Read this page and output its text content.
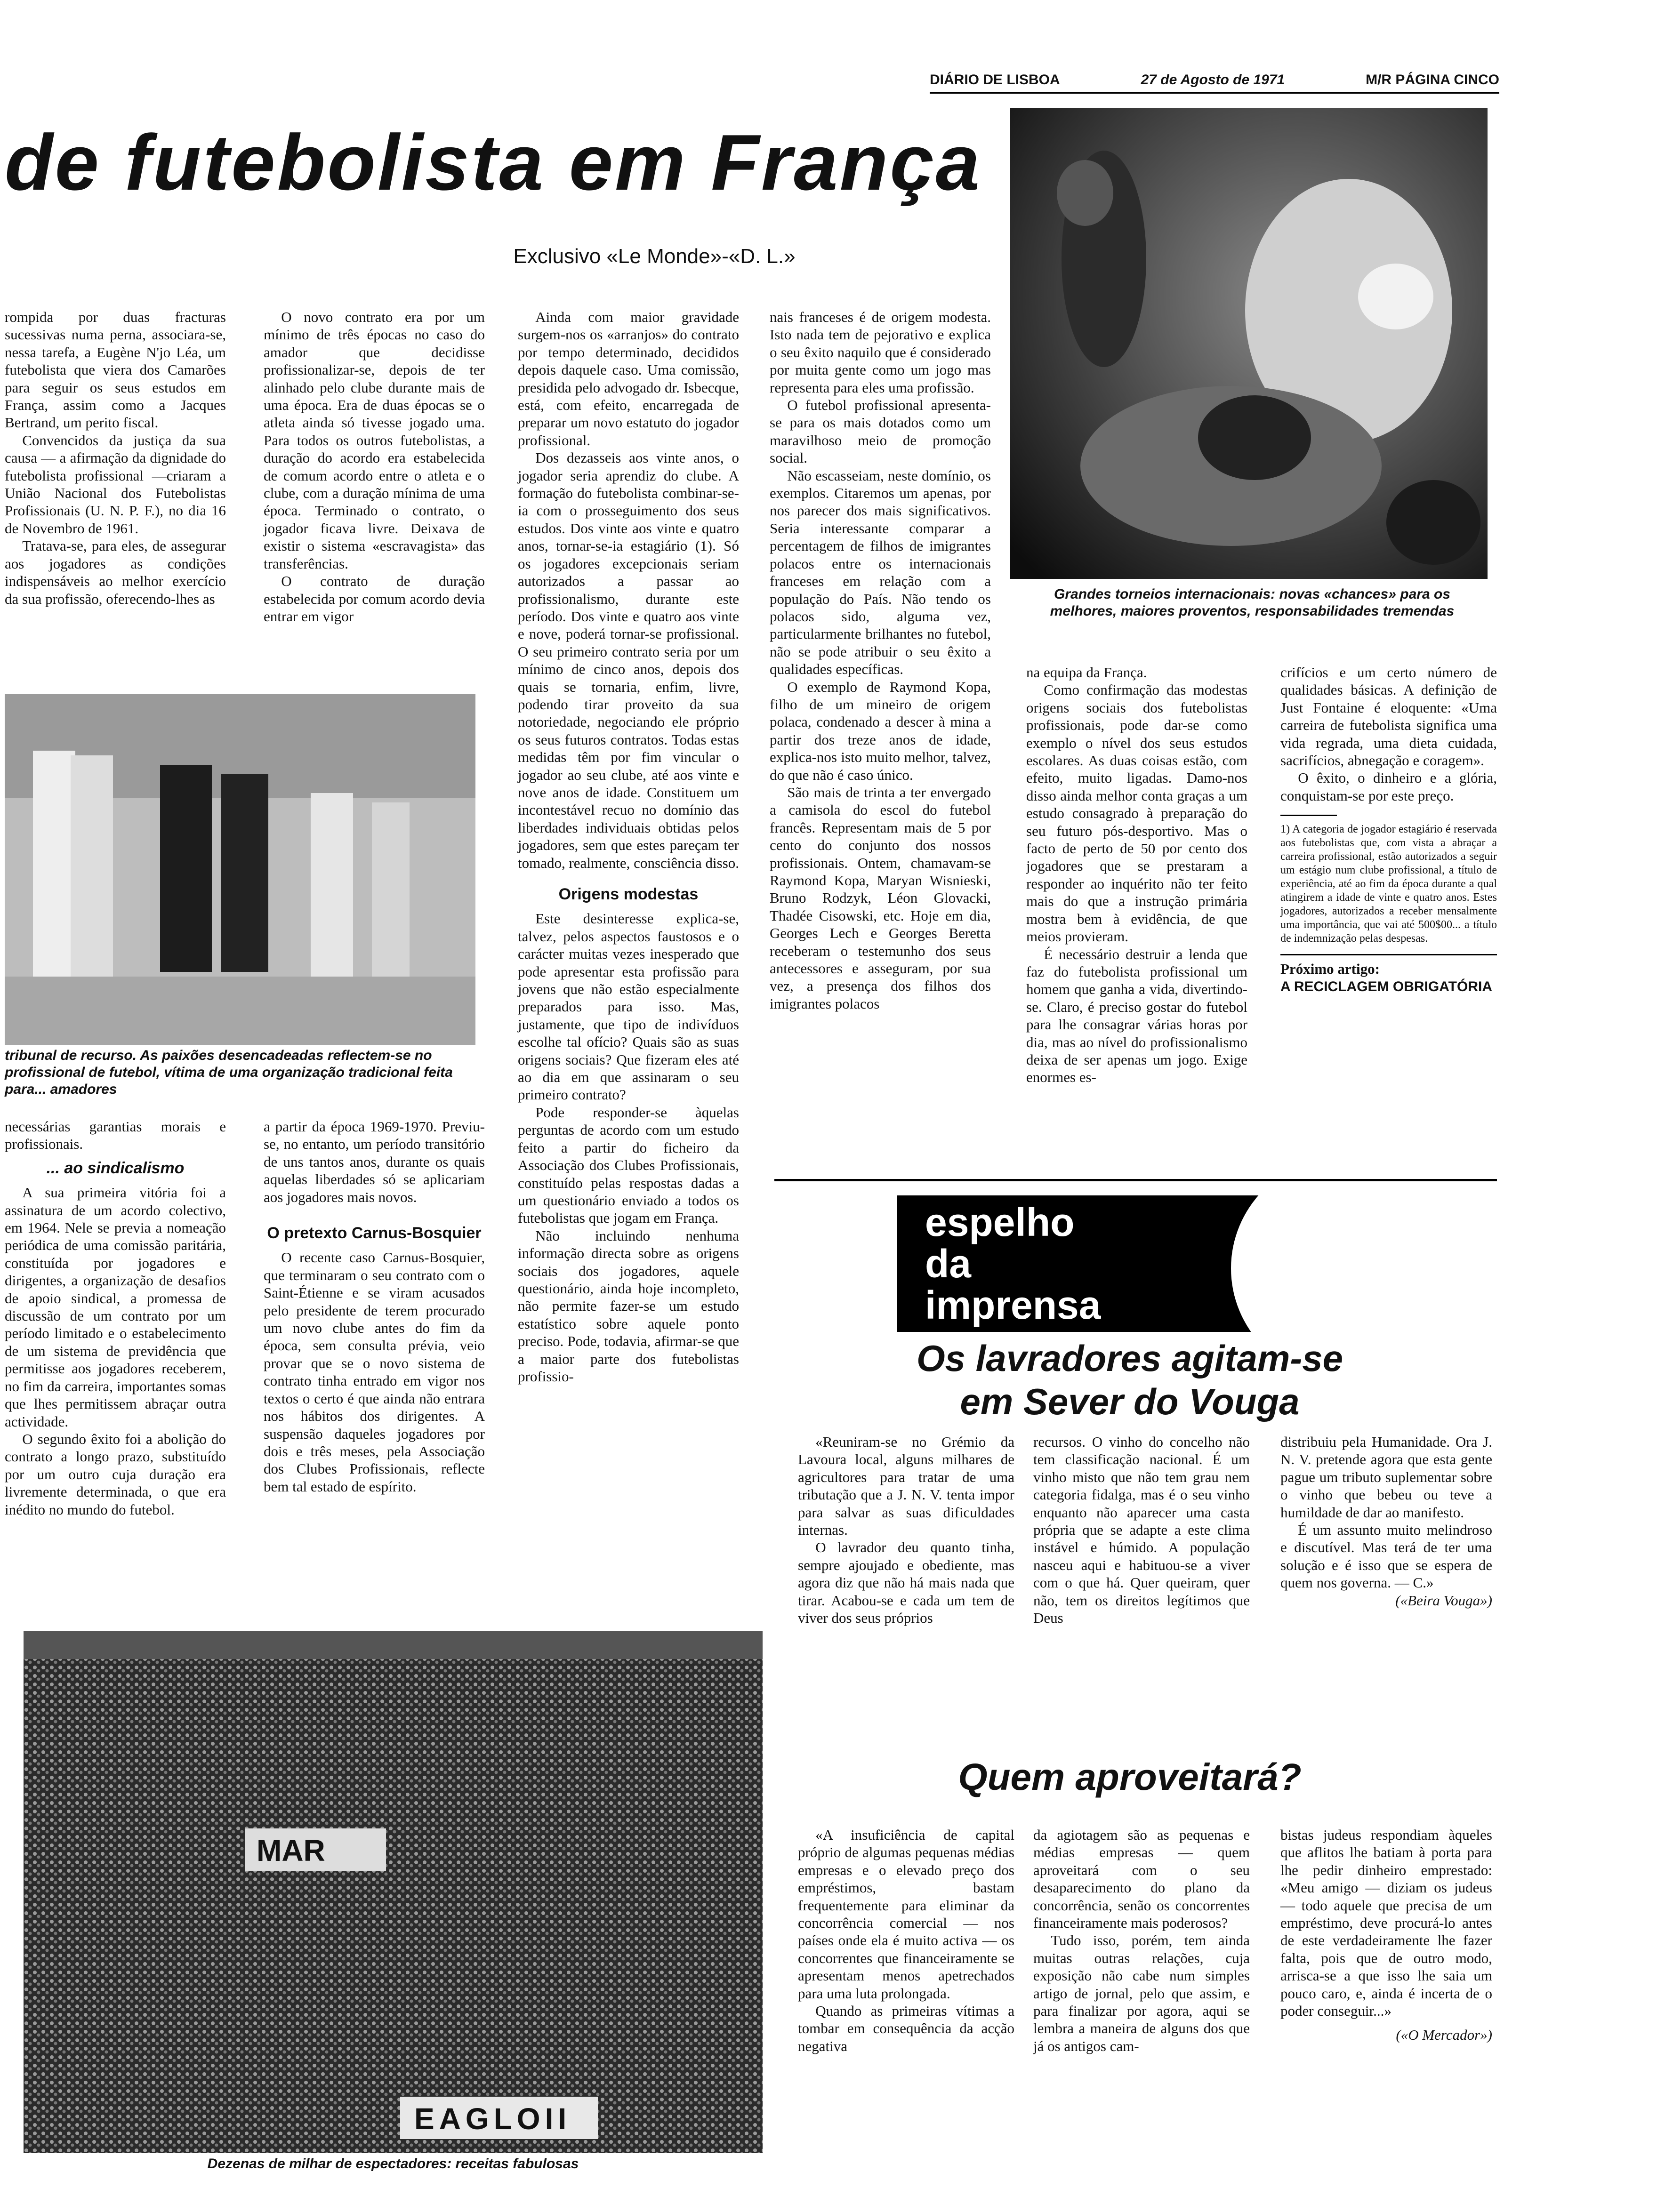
DIÁRIO DE LISBOA	27 de Agosto de 1971	M/R PÁGINA CINCO
de futebolista em França
Exclusivo «Le Monde»-«D. L.»
Grandes torneios internacionais: novas «chances» para os melhores, maiores proventos, responsabilidades tremendas

rompida por duas fracturas sucessivas numa perna, associara-se, nessa tarefa, a Eugène N'jo Léa, um futebolista que viera dos Camarões para seguir os seus estudos em França, assim como a Jacques Bertrand, um perito fiscal.

Convencidos da justiça da sua causa — a afirmação da dignidade do futebolista profissional —criaram a União Nacional dos Futebolistas Profissionais (U. N. P. F.), no dia 16 de Novembro de 1961.

Tratava-se, para eles, de assegurar aos jogadores as condições indispensáveis ao melhor exercício da sua profissão, oferecendo-lhes as

O novo contrato era por um mínimo de três épocas no caso do amador que decidisse profissionalizar-se, depois de ter alinhado pelo clube durante mais de uma época. Era de duas épocas se o atleta ainda só tivesse jogado uma. Para todos os outros futebolistas, a duração do acordo era estabelecida de comum acordo entre o atleta e o clube, com a duração mínima de uma época. Terminado o contrato, o jogador ficava livre. Deixava de existir o sistema «escravagista» das transferências.

O contrato de duração estabelecida por comum acordo devia entrar em vigor

Ainda com maior gravidade surgem-nos os «arranjos» do contrato por tempo determinado, decididos depois daquele caso. Uma comissão, presidida pelo advogado dr. Isbecque, está, com efeito, encarregada de preparar um novo estatuto do jogador profissional.

Dos dezasseis aos vinte anos, o jogador seria aprendiz do clube. A formação do futebolista combinar-se-ia com o prosseguimento dos seus estudos. Dos vinte aos vinte e quatro anos, tornar-se-ia estagiário (1). Só os jogadores excepcionais seriam autorizados a passar ao profissionalismo, durante este período. Dos vinte e quatro aos vinte e nove, poderá tornar-se profissional. O seu primeiro contrato seria por um mínimo de cinco anos, depois dos quais se tornaria, enfim, livre, podendo tirar proveito da sua notoriedade, negociando ele próprio os seus futuros contratos. Todas estas medidas têm por fim vincular o jogador ao seu clube, até aos vinte e nove anos de idade. Constituem um incontestável recuo no domínio das liberdades individuais obtidas pelos jogadores, sem que estes pareçam ter tomado, realmente, consciência disso.

Origens modestas

Este desinteresse explica-se, talvez, pelos aspectos faustosos e o carácter muitas vezes inesperado que pode apresentar esta profissão para jovens que não estão especialmente preparados para isso. Mas, justamente, que tipo de indivíduos escolhe tal ofício? Quais são as suas origens sociais? Que fizeram eles até ao dia em que assinaram o seu primeiro contrato?

Pode responder-se àquelas perguntas de acordo com um estudo feito a partir do ficheiro da Associação dos Clubes Profissionais, constituído pelas respostas dadas a um questionário enviado a todos os futebolistas que jogam em França.

Não incluindo nenhuma informação directa sobre as origens sociais dos jogadores, aquele questionário, ainda hoje incompleto, não permite fazer-se um estudo estatístico sobre aquele ponto preciso. Pode, todavia, afirmar-se que a maior parte dos futebolistas profissio-

nais franceses é de origem modesta. Isto nada tem de pejorativo e explica o seu êxito naquilo que é considerado por muita gente como um jogo mas representa para eles uma profissão.

O futebol profissional apresenta-se para os mais dotados como um maravilhoso meio de promoção social.

Não escasseiam, neste domínio, os exemplos. Citaremos um apenas, por nos parecer dos mais significativos. Seria interessante comparar a percentagem de filhos de imigrantes polacos entre os internacionais franceses em relação com a população do País. Não tendo os polacos sido, alguma vez, particularmente brilhantes no futebol, não se pode atribuir o seu êxito a qualidades específicas.

O exemplo de Raymond Kopa, filho de um mineiro de origem polaca, condenado a descer à mina a partir dos treze anos de idade, explica-nos isto muito melhor, talvez, do que não é caso único.

São mais de trinta a ter envergado a camisola do escol do futebol francês. Representam mais de 5 por cento do conjunto dos nossos profissionais. Ontem, chamavam-se Raymond Kopa, Maryan Wisnieski, Bruno Rodzyk, Léon Glovacki, Thadée Cisowski, etc. Hoje em dia, Georges Lech e Georges Beretta receberam o testemunho dos seus antecessores e asseguram, por sua vez, a presença dos filhos dos imigrantes polacos

na equipa da França.

Como confirmação das modestas origens sociais dos futebolistas profissionais, pode dar-se como exemplo o nível dos seus estudos escolares. As duas coisas estão, com efeito, muito ligadas. Damo-nos disso ainda melhor conta graças a um estudo consagrado à preparação do seu futuro pós-desportivo. Mas o facto de perto de 50 por cento dos jogadores que se prestaram a responder ao inquérito não ter feito mais do que a instrução primária mostra bem à evidência, de que meios provieram.

É necessário destruir a lenda que faz do futebolista profissional um homem que ganha a vida, divertindo-se. Claro, é preciso gostar do futebol para lhe consagrar várias horas por dia, mas ao nível do profissionalismo deixa de ser apenas um jogo. Exige enormes es-

crifícios e um certo número de qualidades básicas. A definição de Just Fontaine é eloquente: «Uma carreira de futebolista significa uma vida regrada, uma dieta cuidada, sacrifícios, abnegação e coragem».

O êxito, o dinheiro e a glória, conquistam-se por este preço.

1) A categoria de jogador estagiário é reservada aos futebolistas que, com vista a abraçar a carreira profissional, estão autorizados a seguir um estágio num clube profissional, a título de experiência, até ao fim da época durante a qual atingirem a idade de vinte e quatro anos. Estes jogadores, autorizados a receber mensalmente uma importância, que vai até 500$00... a título de indemnização pelas despesas.
Próximo artigo:
A RECICLAGEM OBRIGATÓRIA
tribunal de recurso. As paixões desencadeadas reflectem-se no profissional de futebol, vítima de uma organização tradicional feita para... amadores

necessárias garantias morais e profissionais.

... ao sindicalismo

A sua primeira vitória foi a assinatura de um acordo colectivo, em 1964. Nele se previa a nomeação periódica de uma comissão paritária, constituída por jogadores e dirigentes, a organização de desafios de apoio sindical, a promessa de discussão de um contrato por um período limitado e o estabelecimento de um sistema de previdência que permitisse aos jogadores receberem, no fim da carreira, importantes somas que lhes permitissem abraçar outra actividade.

O segundo êxito foi a abolição do contrato a longo prazo, substituído por um outro cuja duração era livremente determinada, o que era inédito no mundo do futebol.

a partir da época 1969-1970. Previu-se, no entanto, um período transitório de uns tantos anos, durante os quais aquelas liberdades só se aplicariam aos jogadores mais novos.

O pretexto Carnus-Bosquier

O recente caso Carnus-Bosquier, que terminaram o seu contrato com o Saint-Étienne e se viram acusados pelo presidente de terem procurado um novo clube antes do fim da época, sem consulta prévia, veio provar que se o novo sistema de contrato tinha entrado em vigor nos textos o certo é que ainda não entrara nos hábitos dos dirigentes. A suspensão daqueles jogadores por dois e três meses, pela Associação dos Clubes Profissionais, reflecte bem tal estado de espírito.

MAR
EAGLOII
Dezenas de milhar de espectadores: receitas fabulosas
espelho
da
imprensa
Os lavradores agitam-se em Sever do Vouga

«Reuniram-se no Grémio da Lavoura local, alguns milhares de agricultores para tratar de uma tributação que a J. N. V. tenta impor para salvar as suas dificuldades internas.

O lavrador deu quanto tinha, sempre ajoujado e obediente, mas agora diz que não há mais nada que tirar. Acabou-se e cada um tem de viver dos seus próprios

recursos. O vinho do concelho não tem classificação nacional. É um vinho misto que não tem grau nem categoria fidalga, mas é o seu vinho enquanto não aparecer uma casta própria que se adapte a este clima instável e húmido. A população nasceu aqui e habituou-se a viver com o que há. Quer queiram, quer não, tem os direitos legítimos que Deus

distribuiu pela Humanidade. Ora J. N. V. pretende agora que esta gente pague um tributo suplementar sobre o vinho que bebeu ou teve a humildade de dar ao manifesto.

É um assunto muito melindroso e discutível. Mas terá de ter uma solução e é isso que se espera de quem nos governa. — C.»

(«Beira Vouga»)
Quem aproveitará?

«A insuficiência de capital próprio de algumas pequenas médias empresas e o elevado preço dos empréstimos, bastam frequentemente para eliminar da concorrência comercial — nos países onde ela é muito activa — os concorrentes que financeiramente se apresentam menos apetrechados para uma luta prolongada.

Quando as primeiras vítimas a tombar em consequência da acção negativa

da agiotagem são as pequenas e médias empresas — quem aproveitará com o seu desaparecimento do plano da concorrência, senão os concorrentes financeiramente mais poderosos?

Tudo isso, porém, tem ainda muitas outras relações, cuja exposição não cabe num simples artigo de jornal, pelo que assim, e para finalizar por agora, aqui se lembra a maneira de alguns dos que já os antigos cam-

bistas judeus respondiam àqueles que aflitos lhe batiam à porta para lhe pedir dinheiro emprestado: «Meu amigo — diziam os judeus — todo aquele que precisa de um empréstimo, deve procurá-lo antes de este verdadeiramente lhe fazer falta, pois que de outro modo, arrisca-se a que isso lhe saia um pouco caro, e, ainda é incerta de o poder conseguir...»

(«O Mercador»)
